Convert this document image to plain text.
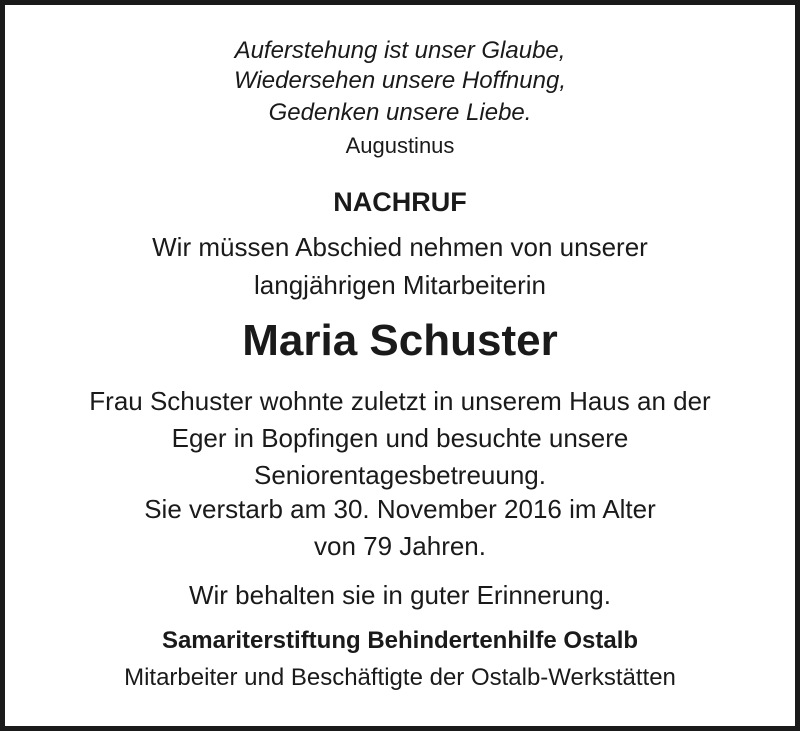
Auferstehung ist unser Glaube,
Wiedersehen unsere Hoffnung,
Gedenken unsere Liebe.
Augustinus
NACHRUF
Wir müssen Abschied nehmen von unserer
langjährigen Mitarbeiterin
Maria Schuster
Frau Schuster wohnte zuletzt in unserem Haus an der
Eger in Bopfingen und besuchte unsere
Seniorentagesbetreuung.
Sie verstarb am 30. November 2016 im Alter
von 79 Jahren.
Wir behalten sie in guter Erinnerung.
Samariterstiftung Behindertenhilfe Ostalb
Mitarbeiter und Beschäftigte der Ostalb-Werkstätten
